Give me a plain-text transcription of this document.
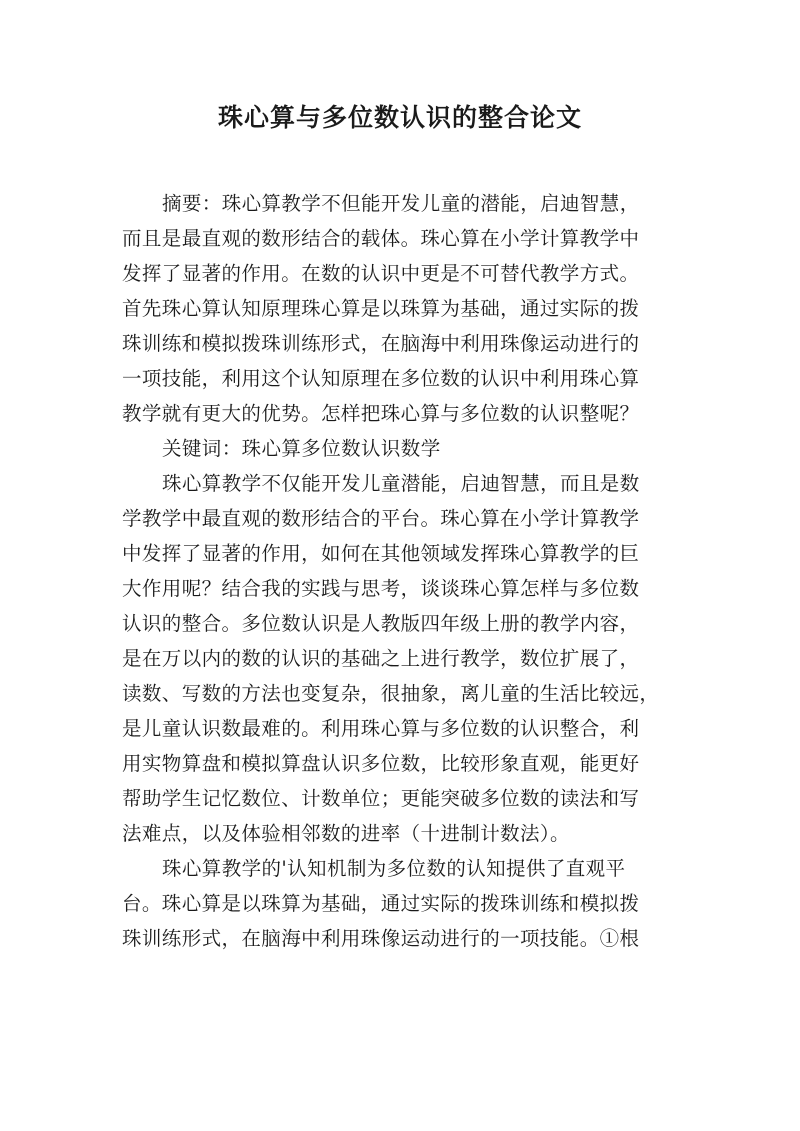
珠心算与多位数认识的整合论文
摘要：珠心算教学不但能开发儿童的潜能，启迪智慧，
而且是最直观的数形结合的载体。珠心算在小学计算教学中
发挥了显著的作用。在数的认识中更是不可替代教学方式。
首先珠心算认知原理珠心算是以珠算为基础，通过实际的拨
珠训练和模拟拨珠训练形式，在脑海中利用珠像运动进行的
一项技能，利用这个认知原理在多位数的认识中利用珠心算
教学就有更大的优势。怎样把珠心算与多位数的认识整呢？
关键词：珠心算多位数认识数学
珠心算教学不仅能开发儿童潜能，启迪智慧，而且是数
学教学中最直观的数形结合的平台。珠心算在小学计算教学
中发挥了显著的作用，如何在其他领域发挥珠心算教学的巨
大作用呢？结合我的实践与思考，谈谈珠心算怎样与多位数
认识的整合。多位数认识是人教版四年级上册的教学内容，
是在万以内的数的认识的基础之上进行教学，数位扩展了，
读数、写数的方法也变复杂，很抽象，离儿童的生活比较远，
是儿童认识数最难的。利用珠心算与多位数的认识整合，利
用实物算盘和模拟算盘认识多位数，比较形象直观，能更好
帮助学生记忆数位、计数单位；更能突破多位数的读法和写
法难点，以及体验相邻数的进率（十进制计数法）。
珠心算教学的'认知机制为多位数的认知提供了直观平
台。珠心算是以珠算为基础，通过实际的拨珠训练和模拟拨
珠训练形式，在脑海中利用珠像运动进行的一项技能。①根
